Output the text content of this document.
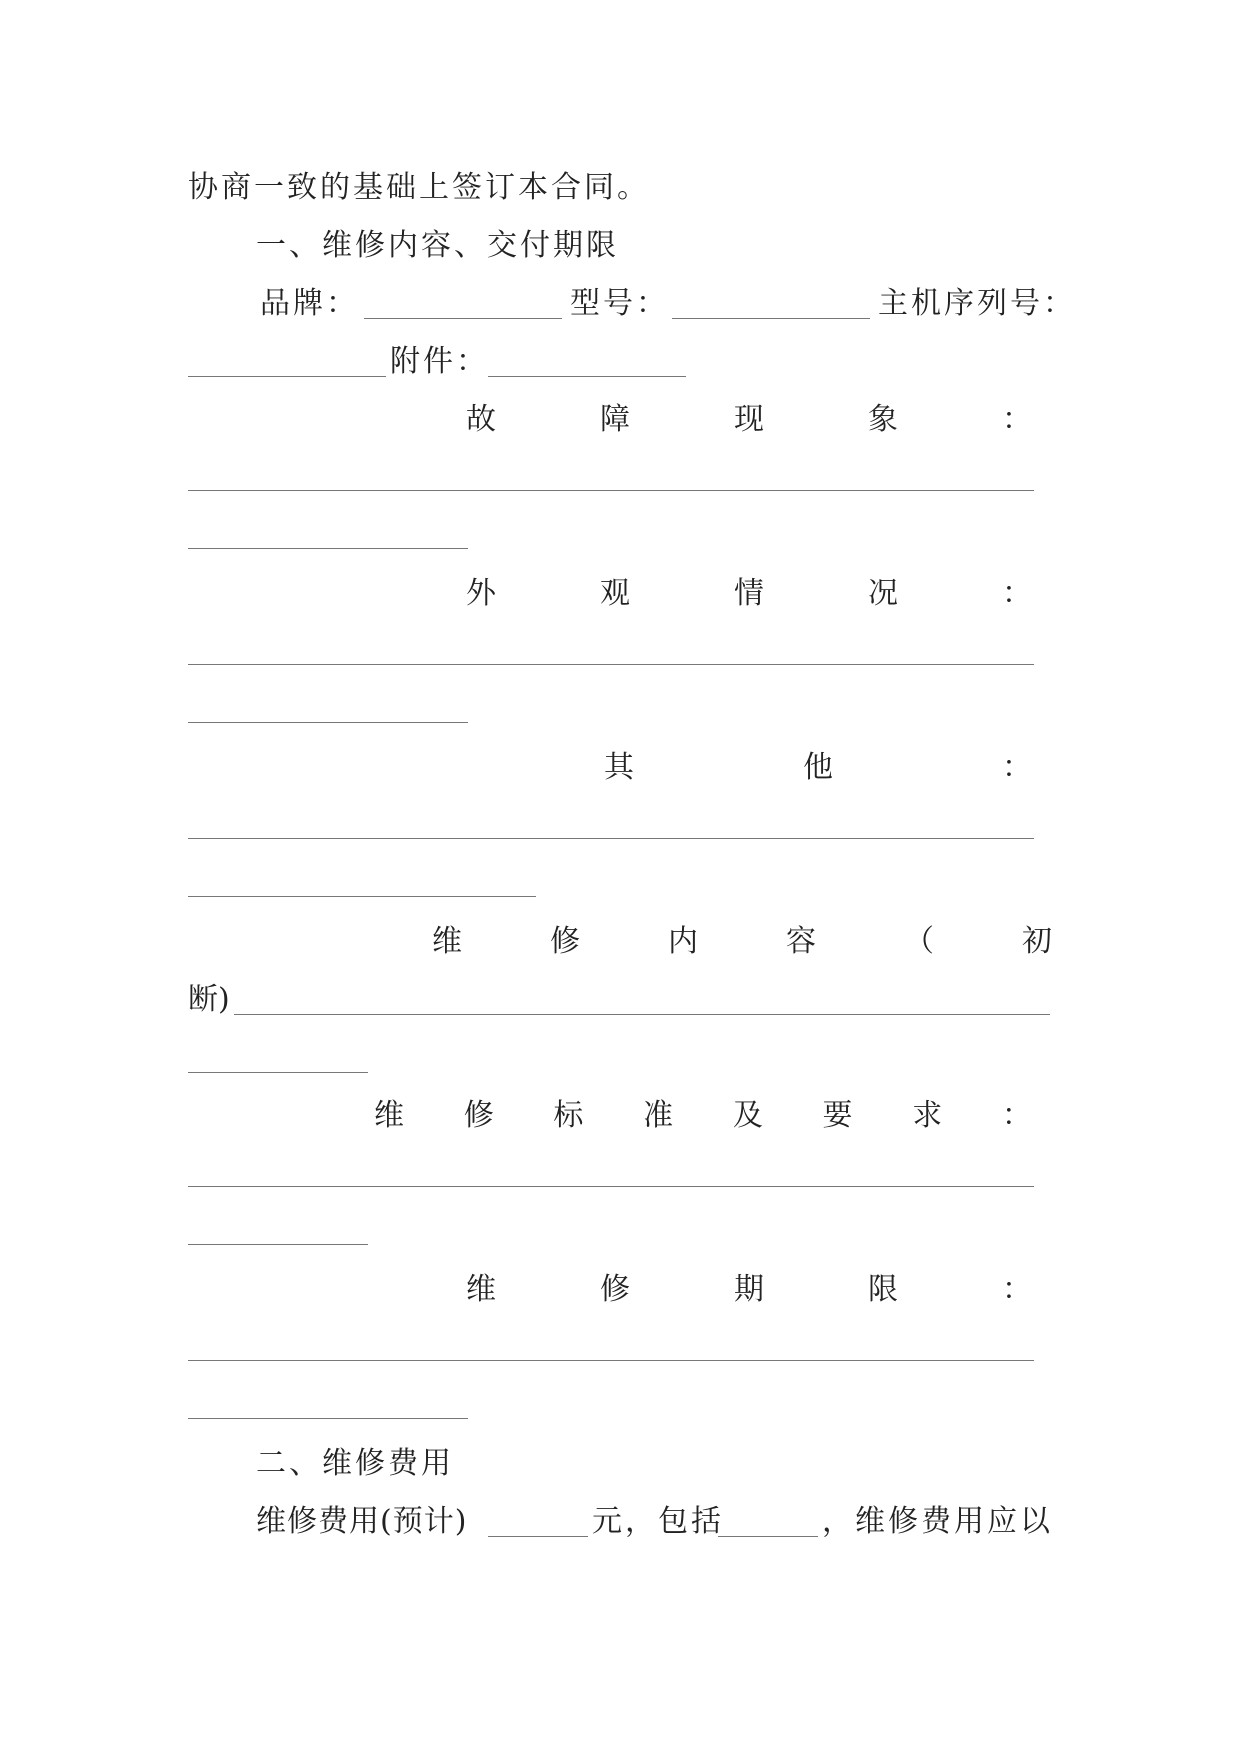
协商一致的基础上签订本合同。
一、维修内容、交付期限
品牌：	型号：	主机序列号：
附件：
故	障	现	象	：
外	观	情	况	：
其	他	：
维	修	内	容	（	初
断)
维 修 标 准 及 要 求 ：
维	修	期	限	：
二、维修费用
维修费用(预计)	元，包括	，维修费用应以
